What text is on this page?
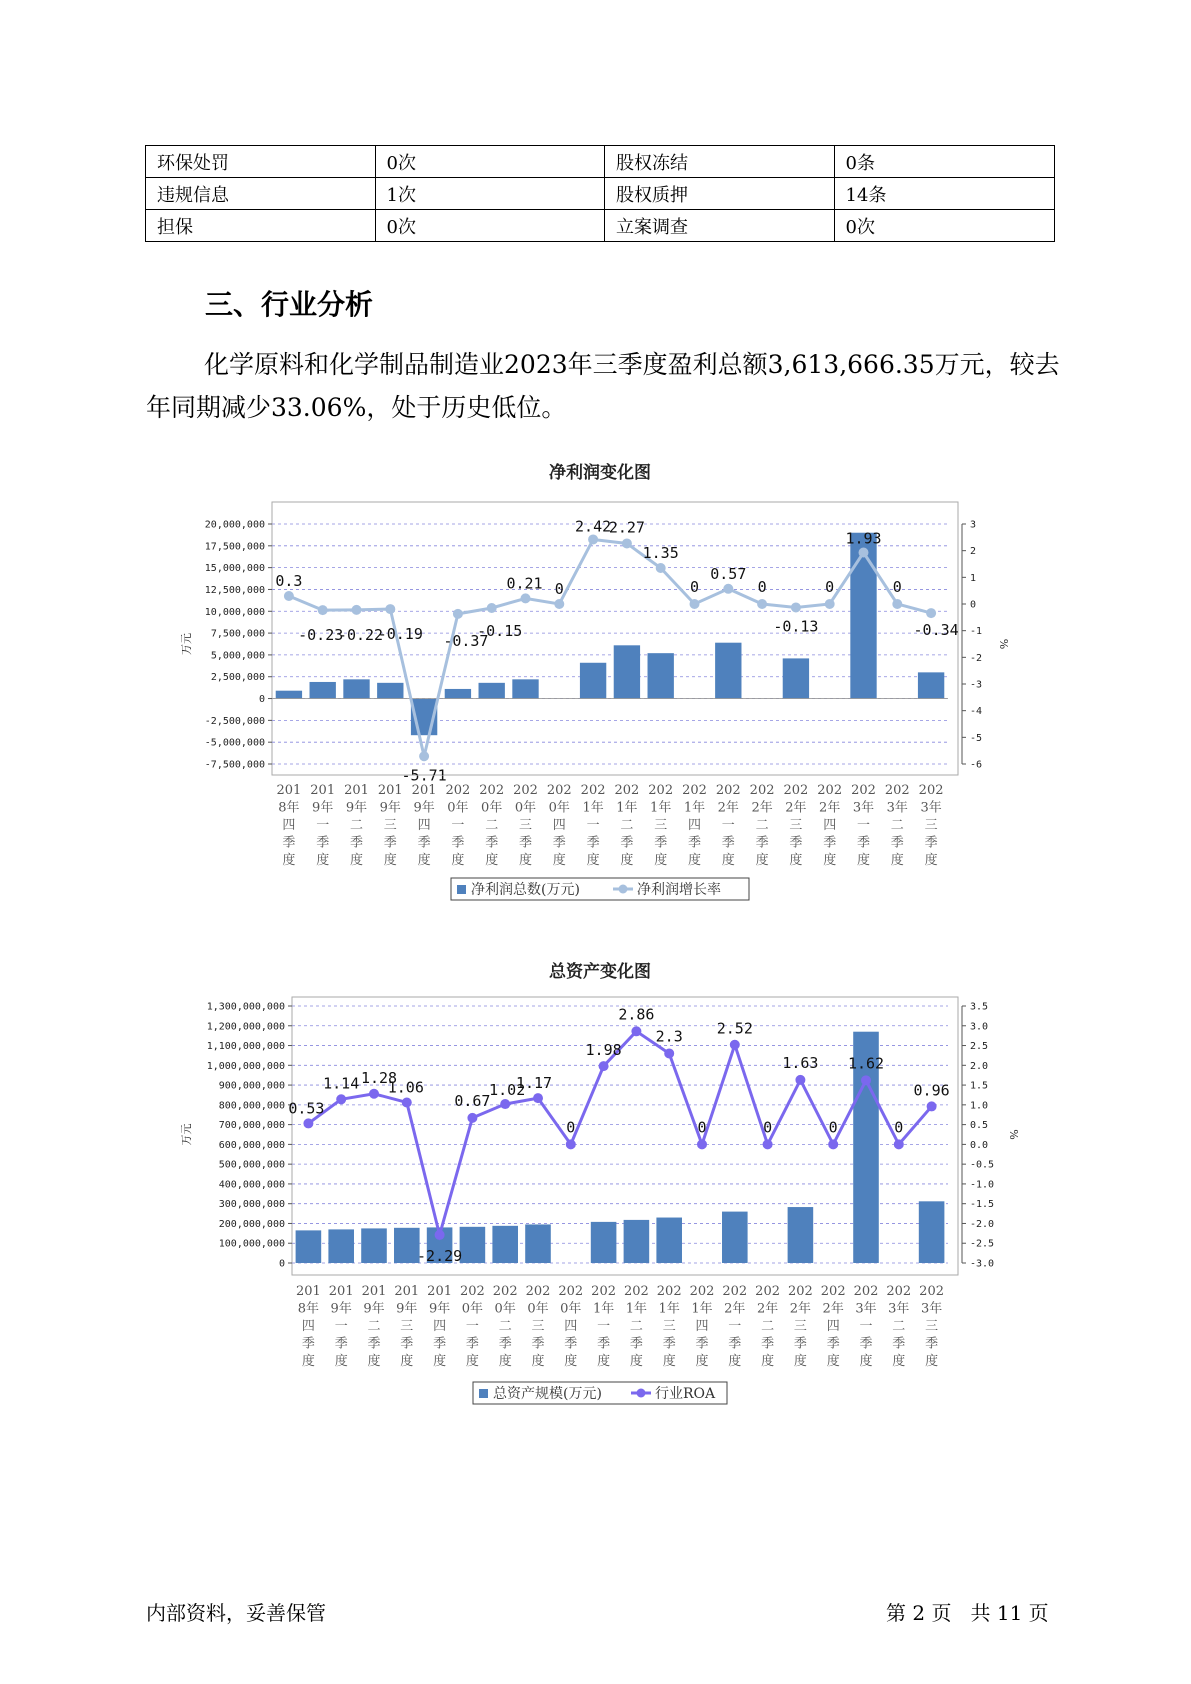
环保处罚	0次	股权冻结	0条
违规信息	1次	股权质押	14条
担保	0次	立案调查	0次
三、行业分析
化学原料和化学制品制造业2023年三季度盈利总额3,613,666.35万元，较去年同期减少33.06%，处于历史低位。
净利润变化图
20,000,000
17,500,000
15,000,000
12,500,000
10,000,000
7,500,000
5,000,000
2,500,000
0
-2,500,000
-5,000,000
-7,500,000
3
2
1
0
-1
-2
-3
-4
-5
-6
万元	%
0.3
-0.23
-0.22
-0.19
-5.71
-0.37
-0.15
0.21 0
2.42
2.27
1.35
0
0.57
0
-0.13
0
1.93
0
-0.34
201
8年
四
季
度
201
9年
一
季
度
201
9年
二
季
度
201
9年
三
季
度
201
9年
四
季
度
202
0年
一
季
度
202
0年
二
季
度
202
0年
三
季
度
202
0年
四
季
度
202
1年
一
季
度
202
1年
二
季
度
202
1年
三
季
度
202
1年
四
季
度
202
2年
一
季
度
202
2年
二
季
度
202
2年
三
季
度
202
2年
四
季
度
202
3年
一
季
度
202
3年
二
季
度
202
3年
三
季
度
净利润总数(万元)	净利润增长率
总资产变化图
1,300,000,000
1,200,000,000
1,100,000,000
1,000,000,000
900,000,000
800,000,000
700,000,000
600,000,000
500,000,000
400,000,000
300,000,000
200,000,000
100,000,000
0
3.5
3.0
2.5
2.0
1.5
1.0
0.5
0.0
-0.5
-1.0
-1.5
-2.0
-2.5
-3.0
万元	%
0.53
1.14 1.28
1.06
-2.29
0.67
1.02
1.17
0
1.98
2.86
2.3
0
2.52
0
1.63
0
1.62
0
0.96
201
8年
四
季
度
201
9年
一
季
度
201
9年
二
季
度
201
9年
三
季
度
201
9年
四
季
度
202
0年
一
季
度
202
0年
二
季
度
202
0年
三
季
度
202
0年
四
季
度
202
1年
一
季
度
202
1年
二
季
度
202
1年
三
季
度
202
1年
四
季
度
202
2年
一
季
度
202
2年
二
季
度
202
2年
三
季
度
202
2年
四
季
度
202
3年
一
季
度
202
3年
二
季
度
202
3年
三
季
度
总资产规模(万元)	行业ROA
内部资料，妥善保管	第 2 页   共 11 页
